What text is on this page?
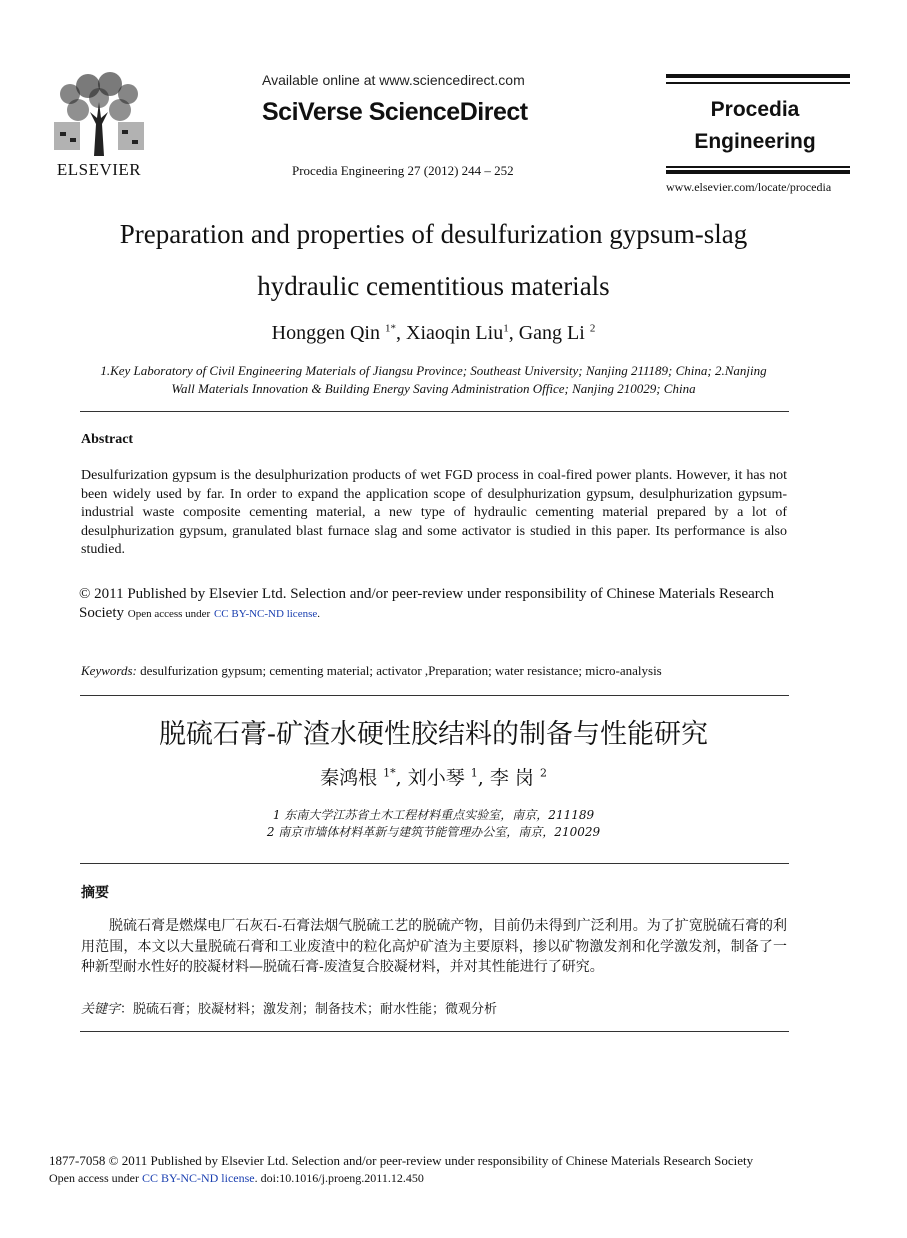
ELSEVIER
Available online at www.sciencedirect.com
SciVerse ScienceDirect
Procedia Engineering 27 (2012) 244 – 252
Procedia
Engineering
www.elsevier.com/locate/procedia
Preparation and properties of desulfurization gypsum-slag
hydraulic cementitious materials
Honggen Qin $^{1*}$, Xiaoqin Liu$^1$, Gang Li $^2$
1.Key Laboratory of Civil Engineering Materials of Jiangsu Province; Southeast University; Nanjing 211189; China; 2.Nanjing
Wall Materials Innovation & Building Energy Saving Administration Office; Nanjing 210029; China
Abstract
Desulfurization gypsum is the desulphurization products of wet FGD process in coal-fired power plants. However, it has not been widely used by far. In order to expand the application scope of desulphurization gypsum, desulphurization gypsum-industrial waste composite cementing material, a new type of hydraulic cementing material prepared by a lot of desulphurization gypsum, granulated blast furnace slag and some activator is studied in this paper. Its performance is also studied.
© 2011 Published by Elsevier Ltd. Selection and/or peer-review under responsibility of Chinese Materials Research Society Open access under CC BY-NC-ND license.
Keywords: desulfurization gypsum; cementing material; activator ,Preparation; water resistance; micro-analysis
脱硫石膏-矿渣水硬性胶结料的制备与性能研究
秦鸿根 $^{1*}$, 刘小琴 $^1$, 李 岗 $^2$
1 东南大学江苏省土木工程材料重点实验室，南京，211189
2 南京市墙体材料革新与建筑节能管理办公室，南京，210029
摘要
脱硫石膏是燃煤电厂石灰石-石膏法烟气脱硫工艺的脱硫产物，目前仍未得到广泛利用。为了扩宽脱硫石膏的利用范围，本文以大量脱硫石膏和工业废渣中的粒化高炉矿渣为主要原料，掺以矿物激发剂和化学激发剂，制备了一种新型耐水性好的胶凝材料—脱硫石膏-废渣复合胶凝材料，并对其性能进行了研究。
关键字：脱硫石膏；胶凝材料；激发剂；制备技术；耐水性能；微观分析
1877-7058 © 2011 Published by Elsevier Ltd. Selection and/or peer-review under responsibility of Chinese Materials Research Society
Open access under CC BY-NC-ND license. doi:10.1016/j.proeng.2011.12.450
